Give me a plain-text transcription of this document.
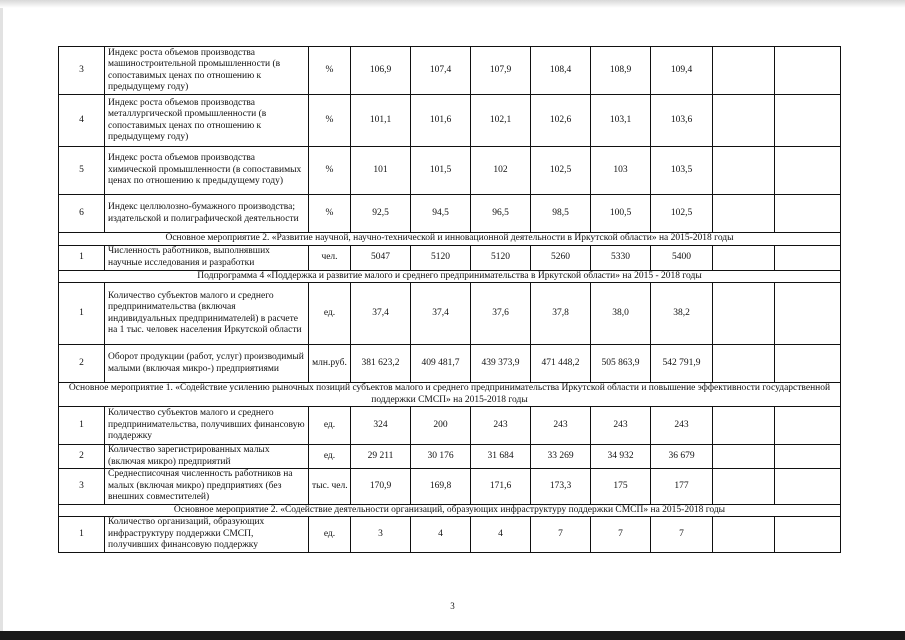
3	Индекс роста объемов производства машиностроительной промышленности (в сопоставимых ценах по отношению к предыдущему году)	%	106,9	107,4	107,9	108,4	108,9	109,4		
4	Индекс роста объемов производства металлургической промышленности (в сопоставимых ценах по отношению к предыдущему году)	%	101,1	101,6	102,1	102,6	103,1	103,6		
5	Индекс роста объемов производства химической промышленности (в сопоставимых ценах по отношению к предыдущему году)	%	101	101,5	102	102,5	103	103,5		
6	Индекс целлюлозно-бумажного производства; издательской и полиграфической деятельности	%	92,5	94,5	96,5	98,5	100,5	102,5		
Основное мероприятие 2. «Развитие научной, научно-технической и инновационной деятельности в Иркутской области» на 2015-2018 годы										
1	Численность работников, выполнявших научные исследования и разработки	чел.	5047	5120	5120	5260	5330	5400		
Подпрограмма 4 «Поддержка и развитие малого и среднего предпринимательства в Иркутской области» на 2015 - 2018 годы										
1	Количество субъектов малого и среднего предпринимательства (включая индивидуальных предпринимателей) в расчете на 1 тыс. человек населения Иркутской области	ед.	37,4	37,4	37,6	37,8	38,0	38,2		
2	Оборот продукции (работ, услуг) производимый малыми (включая микро-) предприятиями	млн.руб.	381 623,2	409 481,7	439 373,9	471 448,2	505 863,9	542 791,9		
Основное мероприятие 1. «Содействие усилению рыночных позиций субъектов малого и среднего предпринимательства Иркутской области и повышение эффективности государственной поддержки СМСП» на 2015-2018 годы										
1	Количество субъектов малого и среднего предпринимательства, получивших финансовую поддержку	ед.	324	200	243	243	243	243		
2	Количество зарегистрированных малых (включая микро) предприятий	ед.	29 211	30 176	31 684	33 269	34 932	36 679		
3	Среднесписочная численность работников на малых (включая микро) предприятиях (без внешних совместителей)	тыс. чел.	170,9	169,8	171,6	173,3	175	177		
Основное мероприятие 2. «Содействие деятельности организаций, образующих инфраструктуру поддержки СМСП» на 2015-2018 годы										
1	Количество организаций, образующих инфраструктуру поддержки СМСП, получивших финансовую поддержку	ед.	3	4	4	7	7	7		
3
